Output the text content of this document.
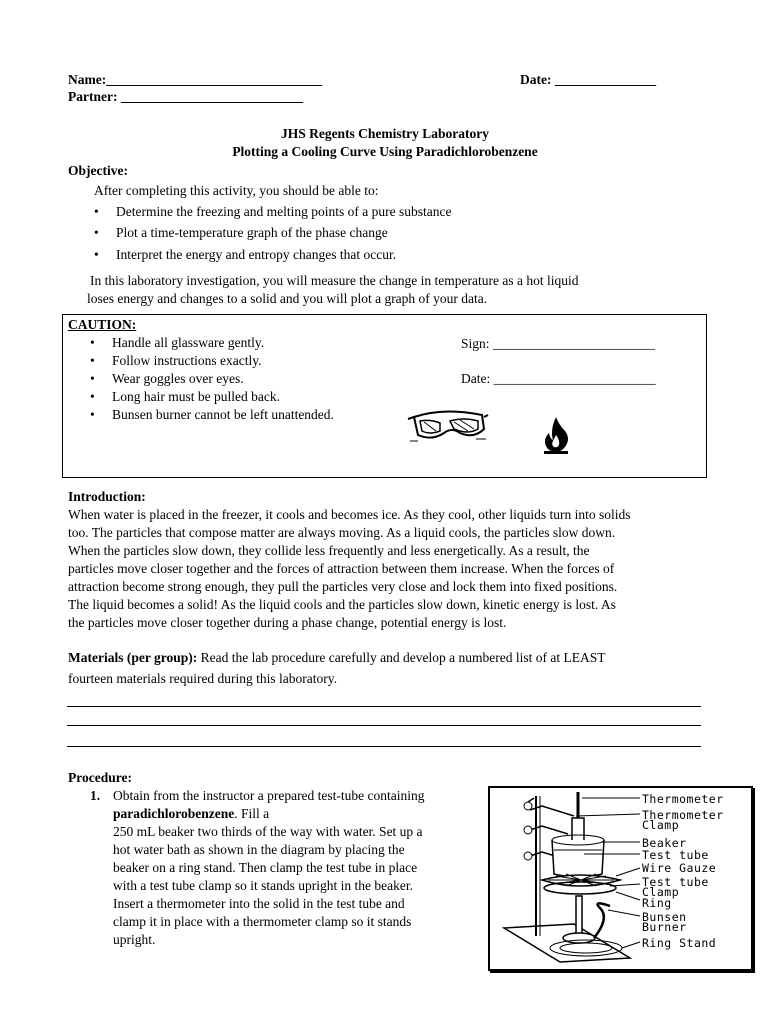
Name:________________________________
Partner: ___________________________
Date: _______________
JHS Regents Chemistry Laboratory
Plotting a Cooling Curve Using Paradichlorobenzene
Objective:
After completing this activity, you should be able to:
• Determine the freezing and melting points of a pure substance
• Plot a time-temperature graph of the phase change
• Interpret the energy and entropy changes that occur.
In this laboratory investigation, you will measure the change in temperature as a hot liquid
loses energy and changes to a solid and you will plot a graph of your data.
CAUTION:
• Handle all glassware gently.
• Follow instructions exactly.
• Wear goggles over eyes.
• Long hair must be pulled back.
• Bunsen burner cannot be left unattended.
Sign: ________________________
Date: ________________________
Introduction:
When water is placed in the freezer, it cools and becomes ice. As they cool, other liquids turn into solids
too. The particles that compose matter are always moving. As a liquid cools, the particles slow down.
When the particles slow down, they collide less frequently and less energetically. As a result, the
particles move closer together and the forces of attraction between them increase. When the forces of
attraction become strong enough, they pull the particles very close and lock them into fixed positions.
The liquid becomes a solid! As the liquid cools and the particles slow down, kinetic energy is lost. As
the particles move closer together during a phase change, potential energy is lost.
Materials (per group): Read the lab procedure carefully and develop a numbered list of at LEAST
fourteen materials required during this laboratory.
Procedure:
1. Obtain from the instructor a prepared test-tube containing
paradichlorobenzene. Fill a
250 mL beaker two thirds of the way with water. Set up a
hot water bath as shown in the diagram by placing the
beaker on a ring stand. Then clamp the test tube in place
with a test tube clamp so it stands upright in the beaker.
Insert a thermometer into the solid in the test tube and
clamp it in place with a thermometer clamp so it stands
upright.
Thermometer
Thermometer
Clamp
Beaker
Test tube
Wire Gauze
Test tube
Clamp
Ring
Bunsen
Burner
Ring Stand
